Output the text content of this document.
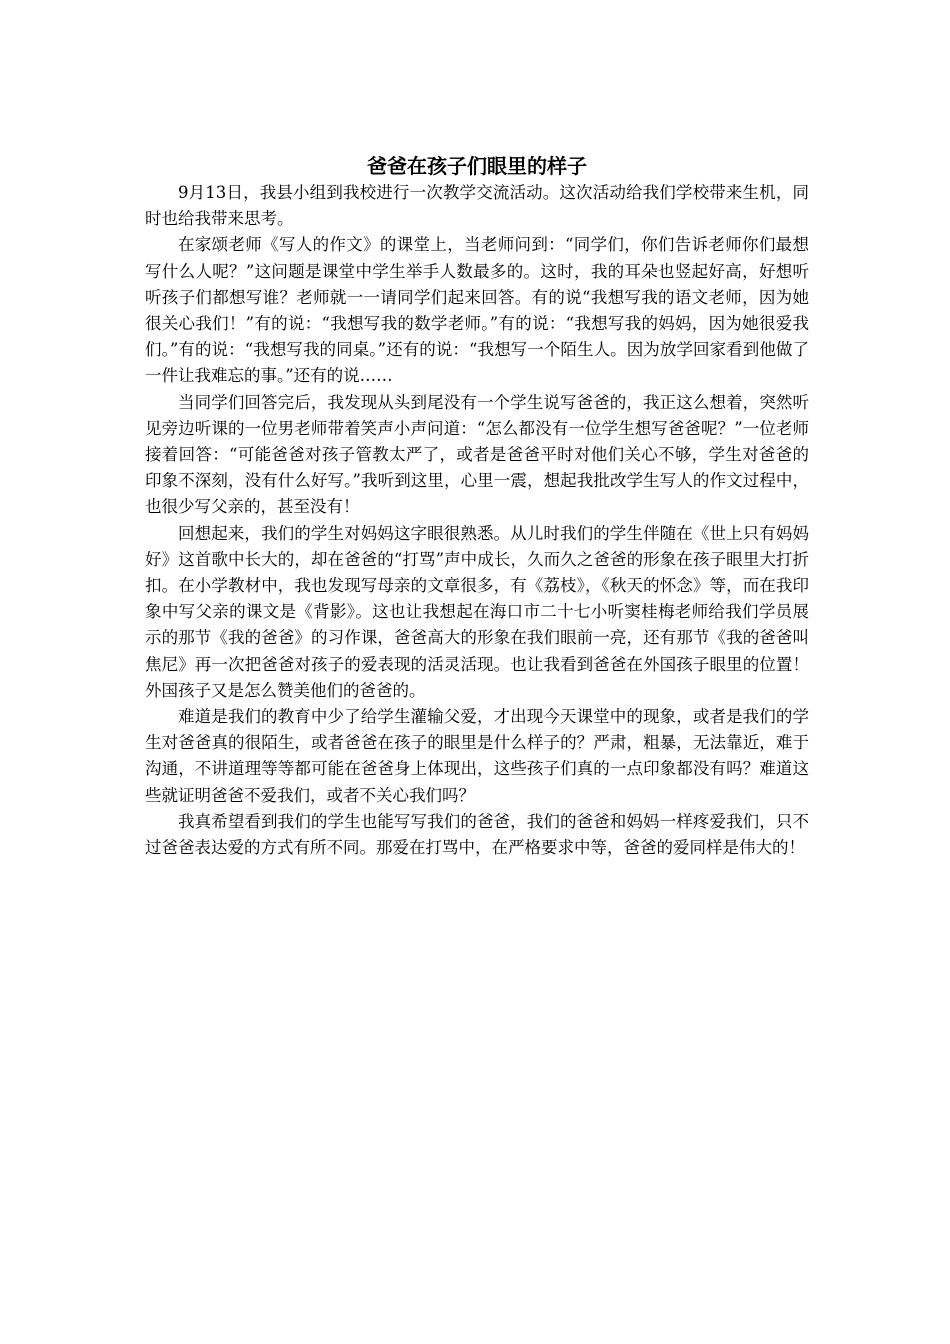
爸爸在孩子们眼里的样子

9月13日，我县小组到我校进行一次教学交流活动。这次活动给我们学校带来生机，同时也给我带来思考。

在家颂老师《写人的作文》的课堂上，当老师问到：“同学们，你们告诉老师你们最想写什么人呢？”这问题是课堂中学生举手人数最多的。这时，我的耳朵也竖起好高，好想听听孩子们都想写谁？老师就一一请同学们起来回答。有的说“我想写我的语文老师，因为她很关心我们！”有的说：“我想写我的数学老师。”有的说：“我想写我的妈妈，因为她很爱我们。”有的说：“我想写我的同桌。”还有的说：“我想写一个陌生人。因为放学回家看到他做了一件让我难忘的事。”还有的说……

当同学们回答完后，我发现从头到尾没有一个学生说写爸爸的，我正这么想着，突然听见旁边听课的一位男老师带着笑声小声问道：“怎么都没有一位学生想写爸爸呢？”一位老师接着回答：“可能爸爸对孩子管教太严了，或者是爸爸平时对他们关心不够，学生对爸爸的印象不深刻，没有什么好写。”我听到这里，心里一震，想起我批改学生写人的作文过程中，也很少写父亲的，甚至没有！

回想起来，我们的学生对妈妈这字眼很熟悉。从儿时我们的学生伴随在《世上只有妈妈好》这首歌中长大的，却在爸爸的“打骂”声中成长，久而久之爸爸的形象在孩子眼里大打折扣。在小学教材中，我也发现写母亲的文章很多，有《荔枝》，《秋天的怀念》等，而在我印象中写父亲的课文是《背影》。这也让我想起在海口市二十七小听窦桂梅老师给我们学员展示的那节《我的爸爸》的习作课，爸爸高大的形象在我们眼前一亮，还有那节《我的爸爸叫焦尼》再一次把爸爸对孩子的爱表现的活灵活现。也让我看到爸爸在外国孩子眼里的位置！　外国孩子又是怎么赞美他们的爸爸的。

难道是我们的教育中少了给学生灌输父爱，才出现今天课堂中的现象，或者是我们的学生对爸爸真的很陌生，或者爸爸在孩子的眼里是什么样子的？严肃，粗暴，无法靠近，难于沟通，不讲道理等等都可能在爸爸身上体现出，这些孩子们真的一点印象都没有吗？难道这些就证明爸爸不爱我们，或者不关心我们吗？

我真希望看到我们的学生也能写写我们的爸爸，我们的爸爸和妈妈一样疼爱我们，只不过爸爸表达爱的方式有所不同。那爱在打骂中，在严格要求中等，爸爸的爱同样是伟大的！
